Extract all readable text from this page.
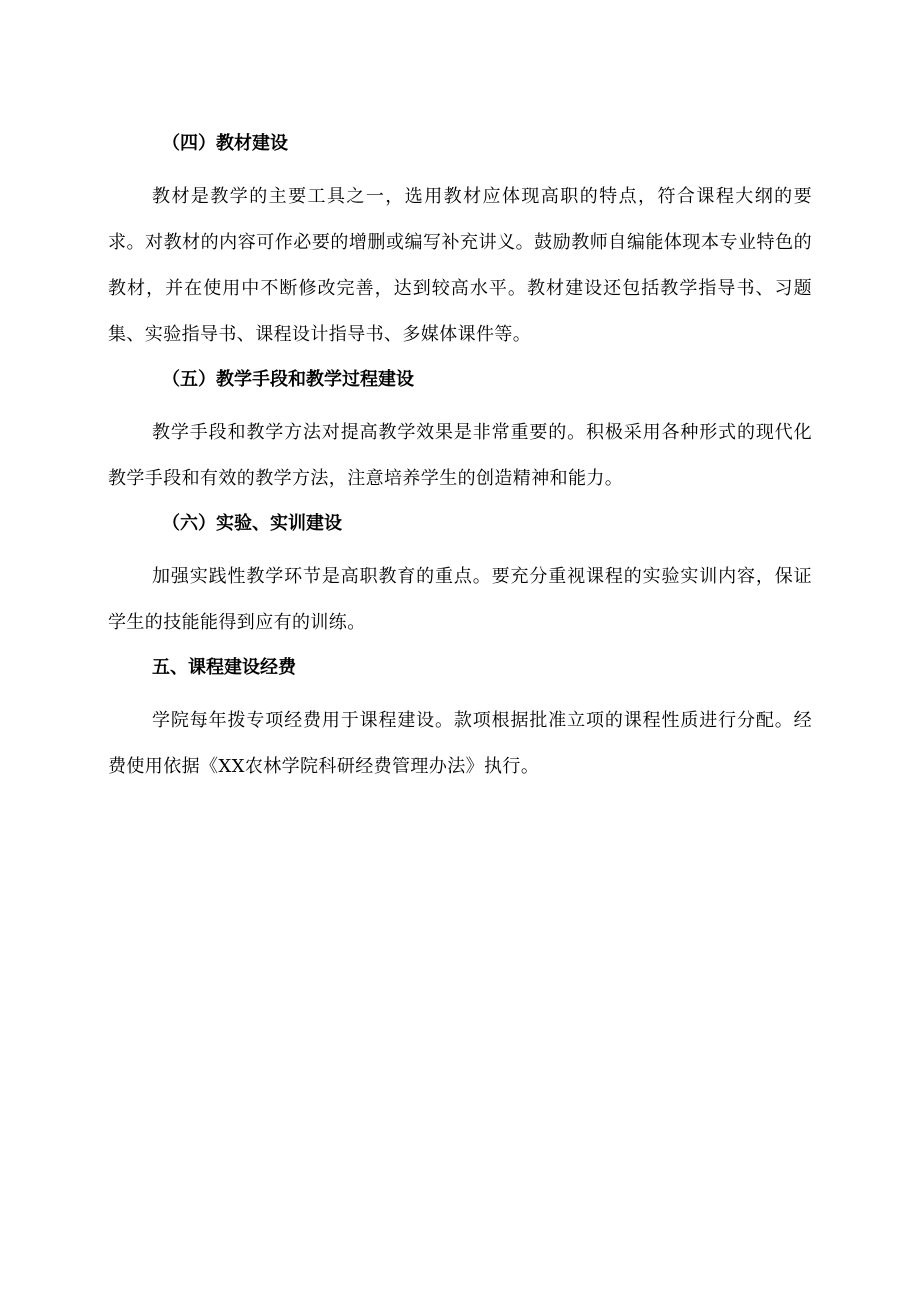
（四）教材建设

教材是教学的主要工具之一，选用教材应体现高职的特点，符合课程大纲的要求。对教材的内容可作必要的增删或编写补充讲义。鼓励教师自编能体现本专业特色的教材，并在使用中不断修改完善，达到较高水平。教材建设还包括教学指导书、习题集、实验指导书、课程设计指导书、多媒体课件等。

（五）教学手段和教学过程建设

教学手段和教学方法对提高教学效果是非常重要的。积极采用各种形式的现代化教学手段和有效的教学方法，注意培养学生的创造精神和能力。

（六）实验、实训建设

加强实践性教学环节是高职教育的重点。要充分重视课程的实验实训内容，保证学生的技能能得到应有的训练。

五、课程建设经费

学院每年拨专项经费用于课程建设。款项根据批准立项的课程性质进行分配。经费使用依据《XX农林学院科研经费管理办法》执行。
